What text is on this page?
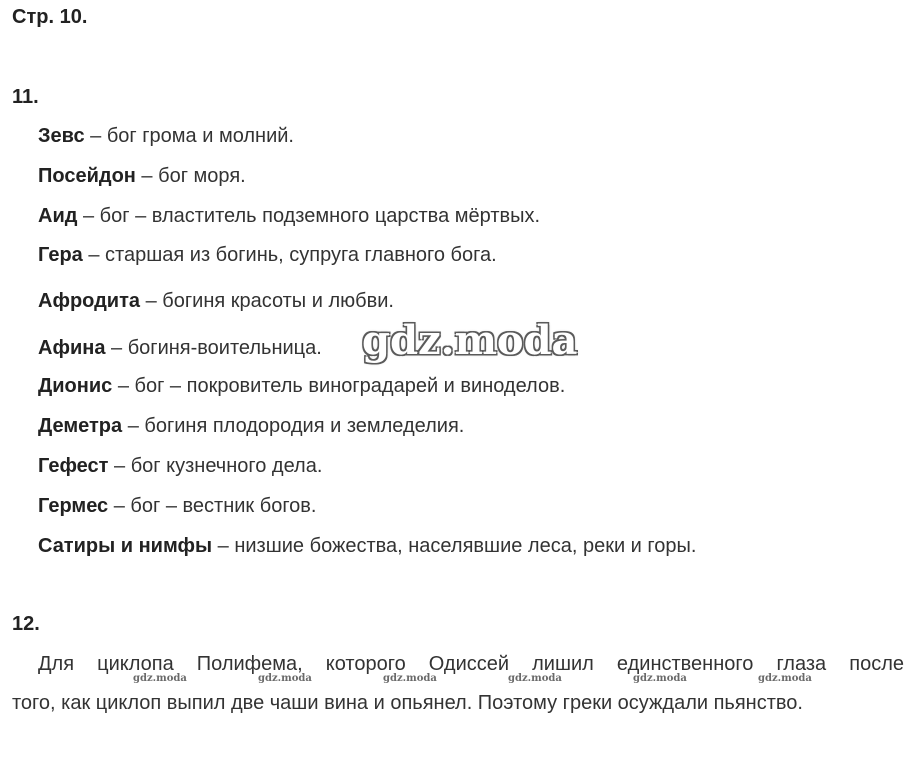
Стр. 10.
11.
Зевс – бог грома и молний.
Посейдон – бог моря.
Аид – бог – властитель подземного царства мёртвых.
Гера – старшая из богинь, супруга главного бога.
Афродита – богиня красоты и любви.
Афина – богиня-воительница.
Дионис – бог – покровитель виноградарей и виноделов.
Деметра – богиня плодородия и земледелия.
Гефест – бог кузнечного дела.
Гермес – бог – вестник богов.
Сатиры и нимфы – низшие божества, населявшие леса, реки и горы.
gdz.moda
12.
Для циклопа Полифема, которого Одиссей лишил единственного глаза после
gdz.moda	gdz.moda	gdz.moda	gdz.moda	gdz.moda	gdz.moda
того, как циклоп выпил две чаши вина и опьянел. Поэтому греки осуждали пьянство.
